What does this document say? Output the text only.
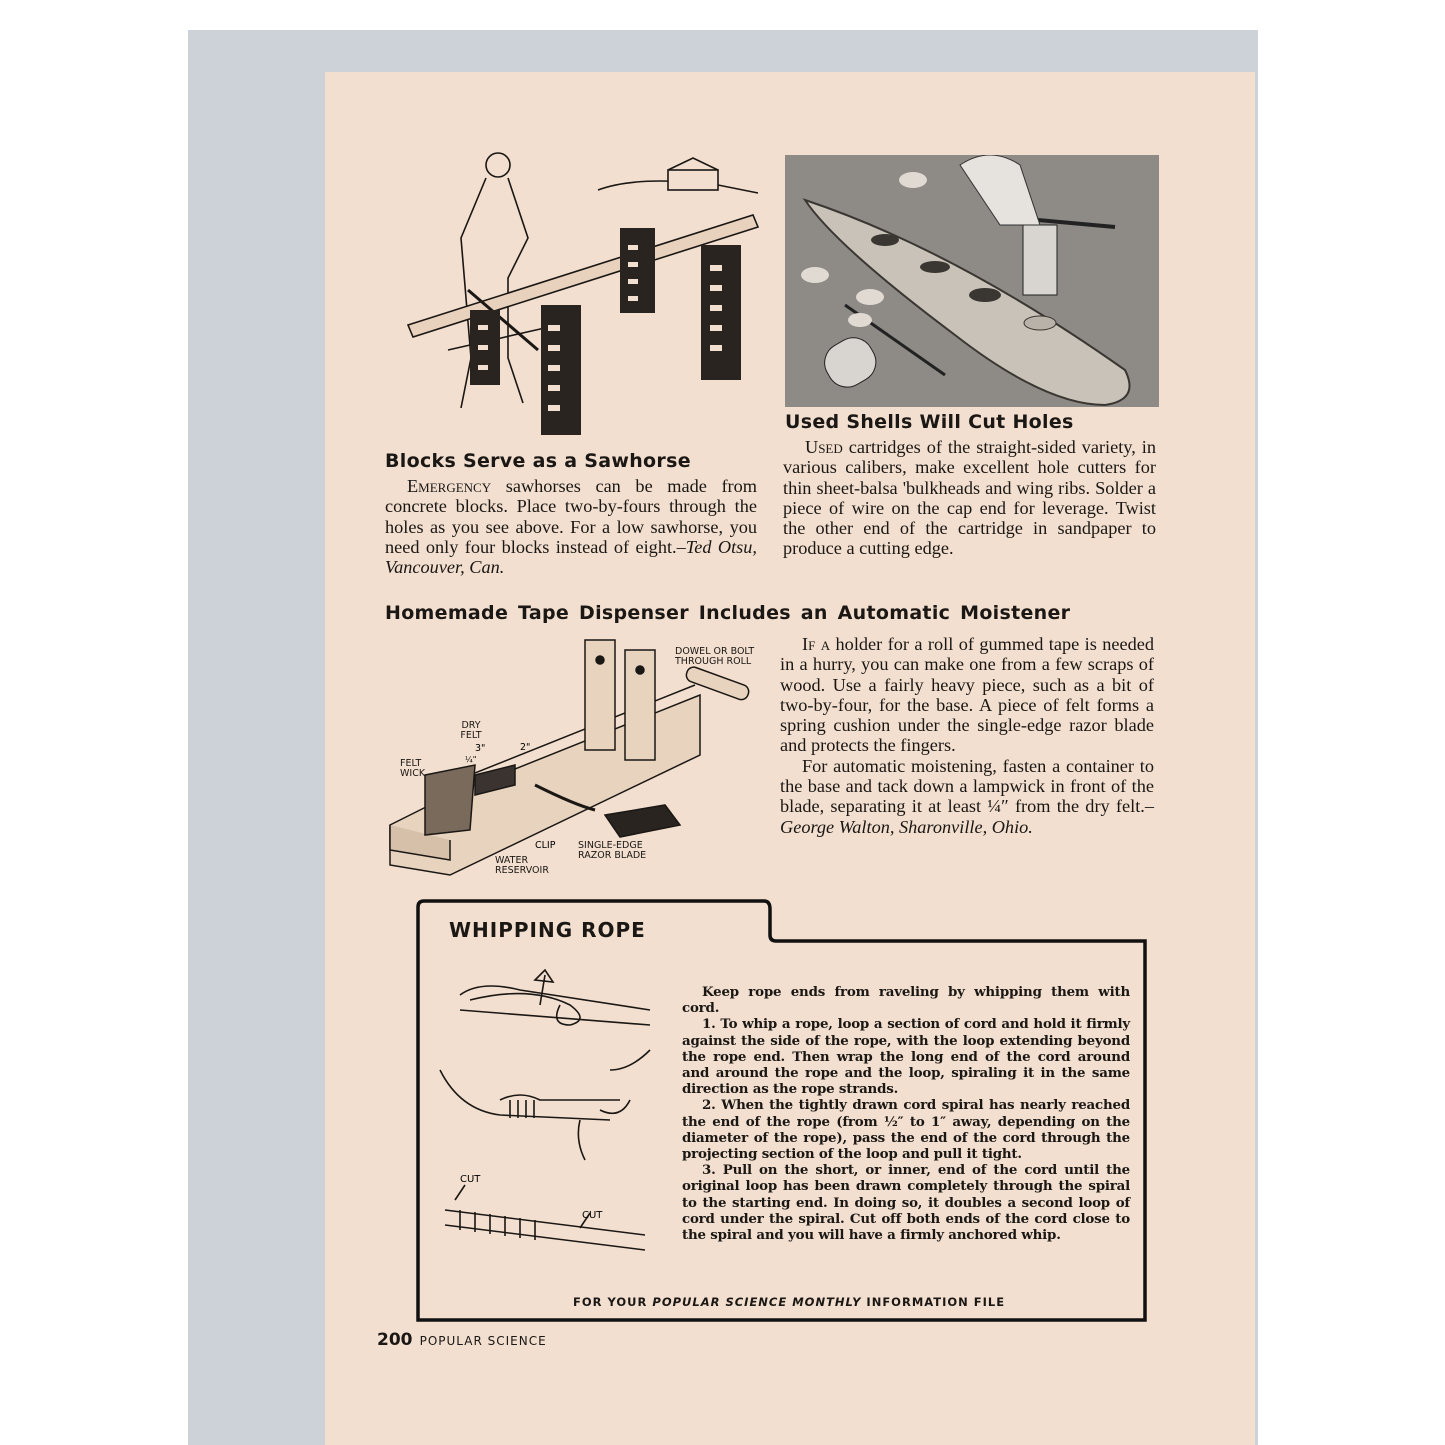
Blocks Serve as a Sawhorse

Emergency sawhorses can be made from concrete blocks. Place two-by-fours through the holes as you see above. For a low sawhorse, you need only four blocks instead of eight.–Ted Otsu, Vancouver, Can.

Used Shells Will Cut Holes

Used cartridges of the straight-sided variety, in various calibers, make excellent hole cutters for thin sheet-balsa 'bulkheads and wing ribs. Solder a piece of wire on the cap end for leverage. Twist the other end of the cartridge in sandpaper to produce a cutting edge.

Homemade Tape Dispenser Includes an Automatic Moistener
3"	2"
¼"
CLIP
DOWEL OR BOLT THROUGH ROLL
DRY FELT
FELT WICK
SINGLE-EDGE RAZOR BLADE
WATER RESERVOIR

If a holder for a roll of gummed tape is needed in a hurry, you can make one from a few scraps of wood. Use a fairly heavy piece, such as a bit of two-by-four, for the base. A piece of felt forms a spring cushion under the single-edge razor blade and protects the fingers.

For automatic moistening, fasten a container to the base and tack down a lampwick in front of the blade, separating it at least ¼″ from the dry felt.–George Walton, Sharonville, Ohio.

WHIPPING ROPE
CUT
CUT

Keep rope ends from raveling by whipping them with cord.

1. To whip a rope, loop a section of cord and hold it firmly against the side of the rope, with the loop extending beyond the rope end. Then wrap the long end of the cord around and around the rope and the loop, spiraling it in the same direction as the rope strands.

2. When the tightly drawn cord spiral has nearly reached the end of the rope (from ½″ to 1″ away, depending on the diameter of the rope), pass the end of the cord through the projecting section of the loop and pull it tight.

3. Pull on the short, or inner, end of the cord until the original loop has been drawn completely through the spiral to the starting end. In doing so, it doubles a second loop of cord under the spiral. Cut off both ends of the cord close to the spiral and you will have a firmly anchored whip.

FOR YOUR POPULAR SCIENCE MONTHLY INFORMATION FILE
200 POPULAR SCIENCE
